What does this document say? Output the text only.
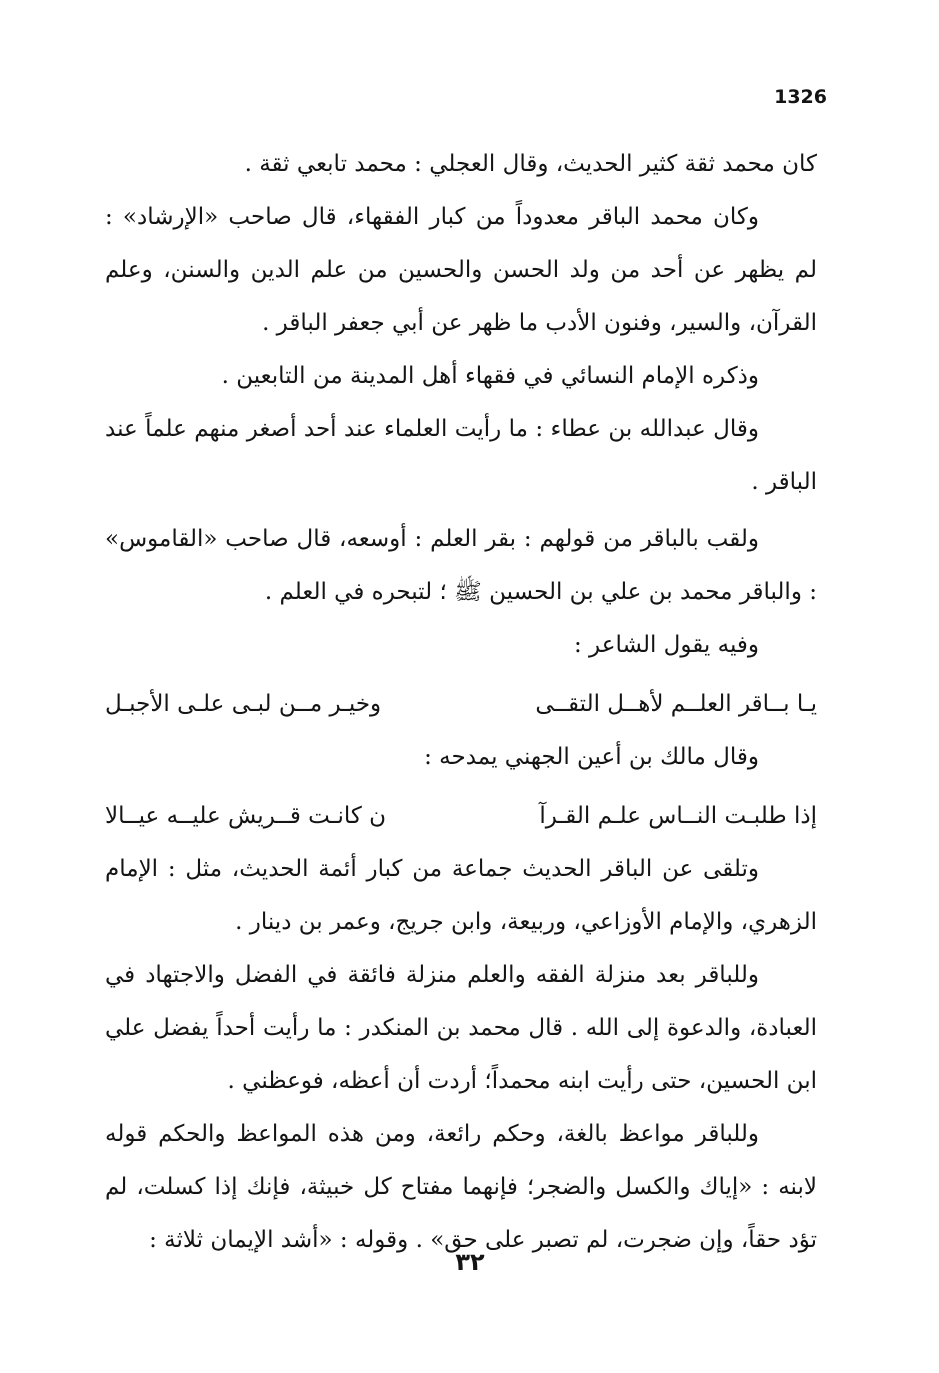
1326

كان محمد ثقة كثير الحديث، وقال العجلي : محمد تابعي ثقة .

وكان محمد الباقر معدوداً من كبار الفقهاء، قال صاحب «الإرشاد» : لم يظهر عن أحد من ولد الحسن والحسين من علم الدين والسنن، وعلم القرآن، والسير، وفنون الأدب ما ظهر عن أبي جعفر الباقر .

وذكره الإمام النسائي في فقهاء أهل المدينة من التابعين .

وقال عبدالله بن عطاء : ما رأيت العلماء عند أحد أصغر منهم علماً عند الباقر .

ولقب بالباقر من قولهم : بقر العلم : أوسعه، قال صاحب «القاموس» : والباقر محمد بن علي بن الحسين ﷺ ؛ لتبحره في العلم .

وفيه يقول الشاعر :

يـا بــاقر العلــم لأهــل التقــى
وخيـر مــن لبـى علـى الأجبـل

وقال مالك بن أعين الجهني يمدحه :

إذا طلبـت النــاس علـم القـرآ
ن كانـت قــريش عليــه عيــالا

وتلقى عن الباقر الحديث جماعة من كبار أئمة الحديث، مثل : الإمام الزهري، والإمام الأوزاعي، وربيعة، وابن جريج، وعمر بن دينار .

وللباقر بعد منزلة الفقه والعلم منزلة فائقة في الفضل والاجتهاد في العبادة، والدعوة إلى الله . قال محمد بن المنكدر : ما رأيت أحداً يفضل علي ابن الحسين، حتى رأيت ابنه محمداً؛ أردت أن أعظه، فوعظني .

وللباقر مواعظ بالغة، وحكم رائعة، ومن هذه المواعظ والحكم قوله لابنه : «إياك والكسل والضجر؛ فإنهما مفتاح كل خبيثة، فإنك إذا كسلت، لم تؤد حقاً، وإن ضجرت، لم تصبر على حق» . وقوله : «أشد الإيمان ثلاثة :

٣٢
